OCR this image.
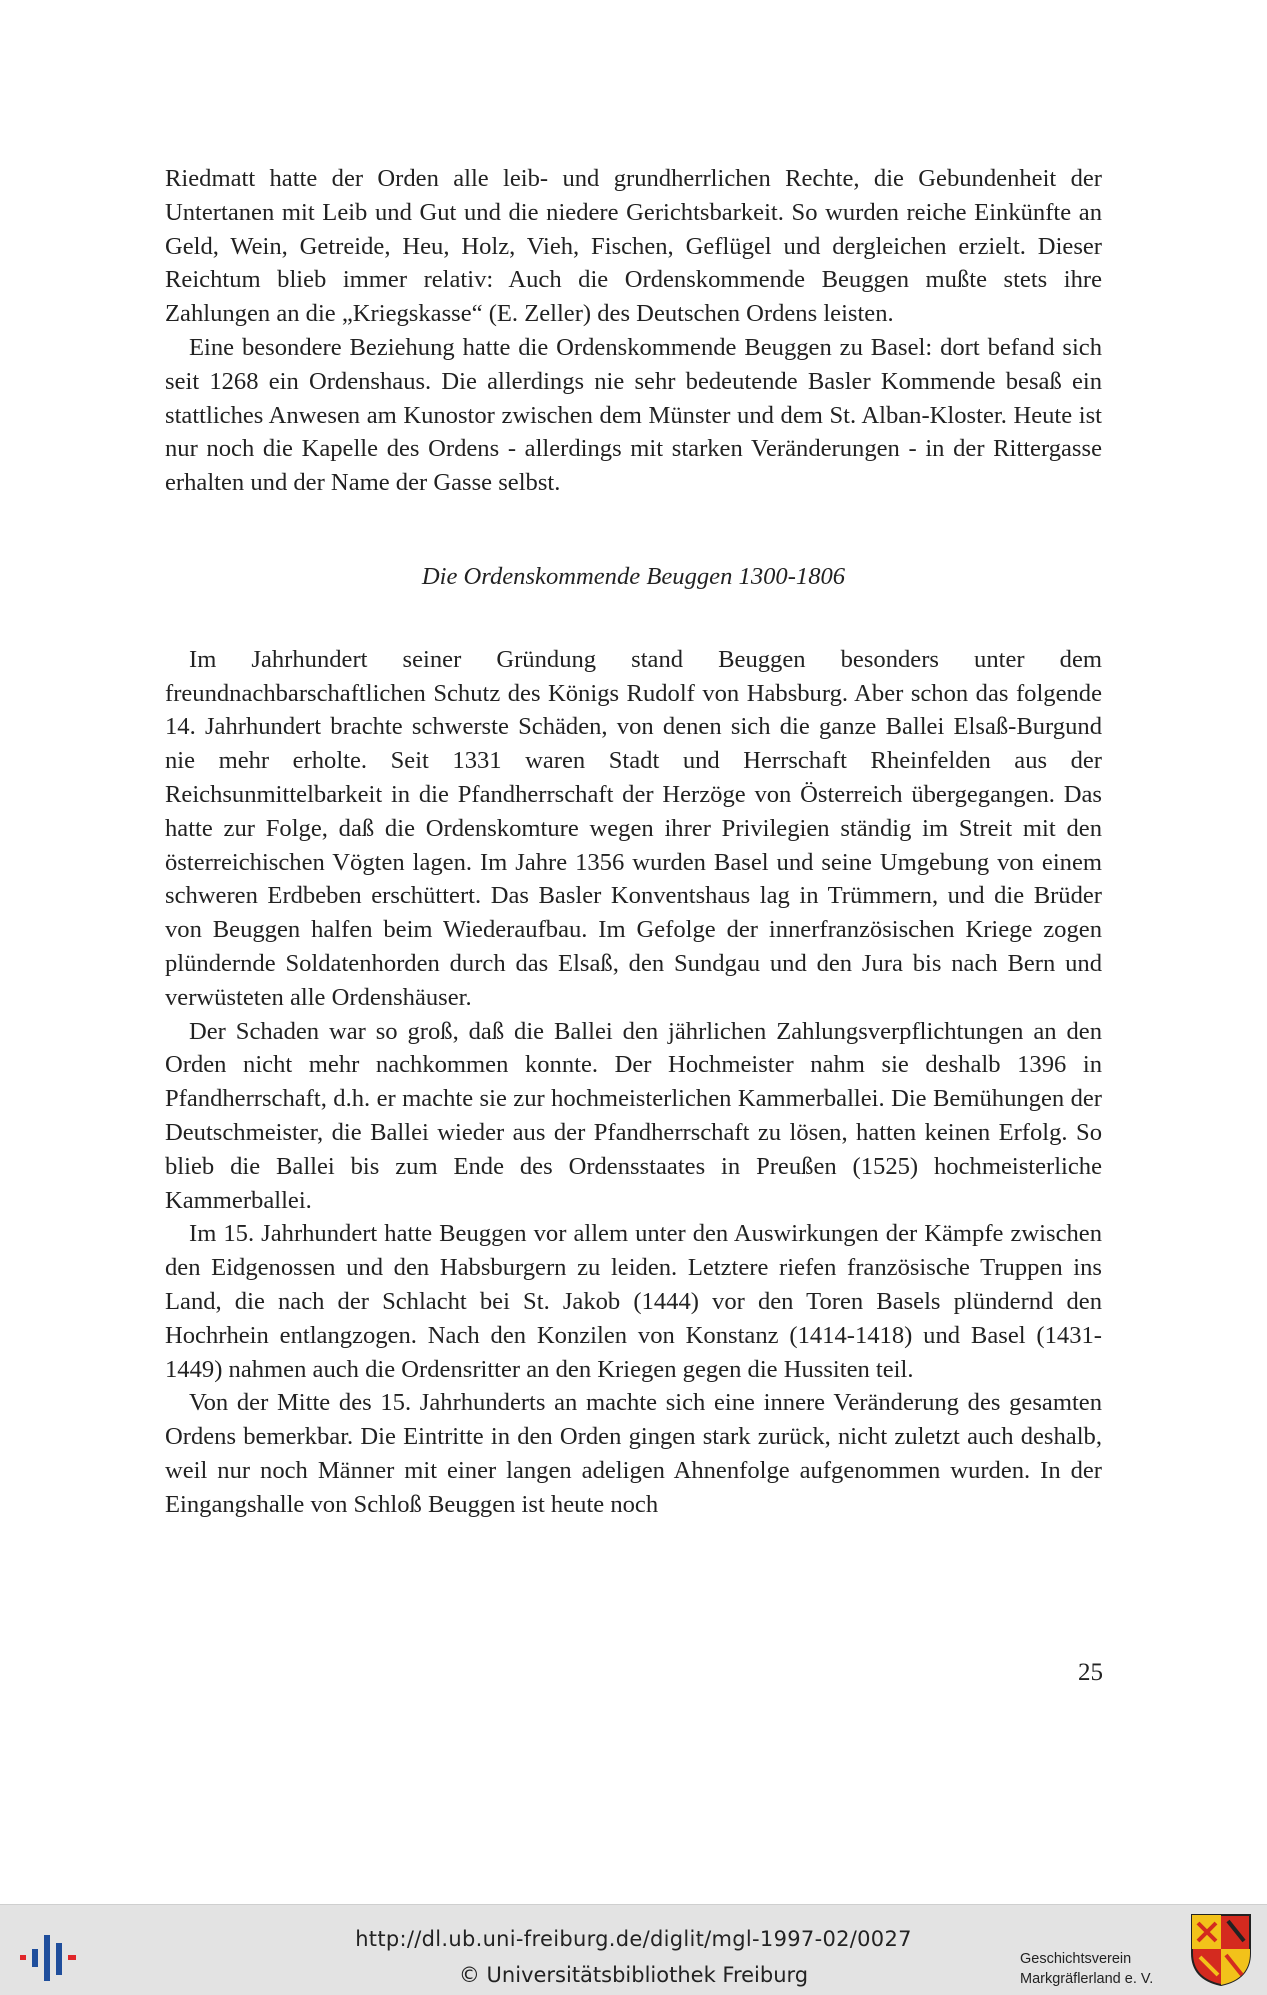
Riedmatt hatte der Orden alle leib- und grundherrlichen Rechte, die Gebundenheit der Untertanen mit Leib und Gut und die niedere Gerichtsbarkeit. So wurden reiche Einkünfte an Geld, Wein, Getreide, Heu, Holz, Vieh, Fischen, Geflügel und dergleichen erzielt. Dieser Reichtum blieb immer relativ: Auch die Ordenskommende Beuggen mußte stets ihre Zahlungen an die „Kriegskasse“ (E. Zeller) des Deutschen Ordens leisten.

Eine besondere Beziehung hatte die Ordenskommende Beuggen zu Basel: dort befand sich seit 1268 ein Ordenshaus. Die allerdings nie sehr bedeutende Basler Kommende besaß ein stattliches Anwesen am Kunostor zwischen dem Münster und dem St. Alban-Kloster. Heute ist nur noch die Kapelle des Ordens - allerdings mit starken Veränderungen - in der Rittergasse erhalten und der Name der Gasse selbst.

Die Ordenskommende Beuggen 1300-1806

Im Jahrhundert seiner Gründung stand Beuggen besonders unter dem freundnachbarschaftlichen Schutz des Königs Rudolf von Habsburg. Aber schon das folgende 14. Jahrhundert brachte schwerste Schäden, von denen sich die ganze Ballei Elsaß-Burgund nie mehr erholte. Seit 1331 waren Stadt und Herrschaft Rheinfelden aus der Reichsunmittelbarkeit in die Pfandherrschaft der Herzöge von Österreich übergegangen. Das hatte zur Folge, daß die Ordenskomture wegen ihrer Privilegien ständig im Streit mit den österreichischen Vögten lagen. Im Jahre 1356 wurden Basel und seine Umgebung von einem schweren Erdbeben erschüttert. Das Basler Konventshaus lag in Trümmern, und die Brüder von Beuggen halfen beim Wiederaufbau. Im Gefolge der innerfranzösischen Kriege zogen plündernde Soldatenhorden durch das Elsaß, den Sundgau und den Jura bis nach Bern und verwüsteten alle Ordenshäuser.

Der Schaden war so groß, daß die Ballei den jährlichen Zahlungsverpflichtungen an den Orden nicht mehr nachkommen konnte. Der Hochmeister nahm sie deshalb 1396 in Pfandherrschaft, d.h. er machte sie zur hochmeisterlichen Kammerballei. Die Bemühungen der Deutschmeister, die Ballei wieder aus der Pfandherrschaft zu lösen, hatten keinen Erfolg. So blieb die Ballei bis zum Ende des Ordensstaates in Preußen (1525) hochmeisterliche Kammerballei.

Im 15. Jahrhundert hatte Beuggen vor allem unter den Auswirkungen der Kämpfe zwischen den Eidgenossen und den Habsburgern zu leiden. Letztere riefen französische Truppen ins Land, die nach der Schlacht bei St. Jakob (1444) vor den Toren Basels plündernd den Hochrhein entlangzogen. Nach den Konzilen von Konstanz (1414-1418) und Basel (1431-1449) nahmen auch die Ordensritter an den Kriegen gegen die Hussiten teil.

Von der Mitte des 15. Jahrhunderts an machte sich eine innere Veränderung des gesamten Ordens bemerkbar. Die Eintritte in den Orden gingen stark zurück, nicht zuletzt auch deshalb, weil nur noch Männer mit einer langen adeligen Ahnenfolge aufgenommen wurden. In der Eingangshalle von Schloß Beuggen ist heute noch

25
http://dl.ub.uni-freiburg.de/diglit/mgl-1997-02/0027
© Universitätsbibliothek Freiburg
Geschichtsverein
Markgräflerland e. V.
